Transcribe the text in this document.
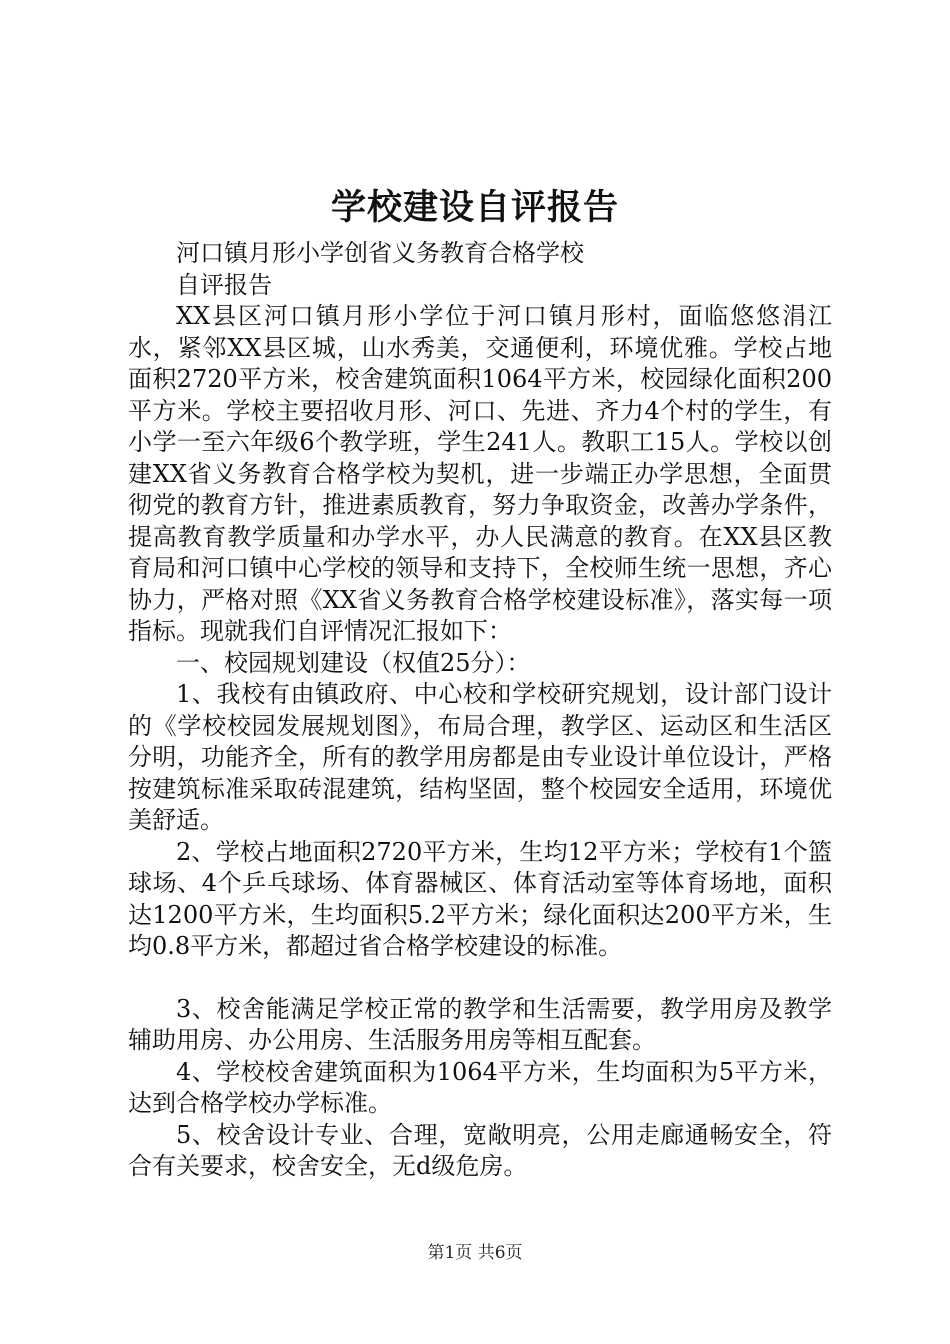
学校建设自评报告

河口镇月形小学创省义务教育合格学校

自评报告

XX县区河口镇月形小学位于河口镇月形村，面临悠悠涓江水，紧邻XX县区城，山水秀美，交通便利，环境优雅。学校占地面积2720平方米，校舍建筑面积1064平方米，校园绿化面积200平方米。学校主要招收月形、河口、先进、齐力4个村的学生，有小学一至六年级6个教学班，学生241人。教职工15人。学校以创建XX省义务教育合格学校为契机，进一步端正办学思想，全面贯彻党的教育方针，推进素质教育，努力争取资金，改善办学条件，提高教育教学质量和办学水平，办人民满意的教育。在XX县区教育局和河口镇中心学校的领导和支持下，全校师生统一思想，齐心协力，严格对照《XX省义务教育合格学校建设标准》，落实每一项指标。现就我们自评情况汇报如下：

一、校园规划建设（权值25分）：

1、我校有由镇政府、中心校和学校研究规划，设计部门设计的《学校校园发展规划图》，布局合理，教学区、运动区和生活区分明，功能齐全，所有的教学用房都是由专业设计单位设计，严格按建筑标准采取砖混建筑，结构坚固，整个校园安全适用，环境优美舒适。

2、学校占地面积2720平方米，生均12平方米；学校有1个篮球场、4个乒乓球场、体育器械区、体育活动室等体育场地，面积达1200平方米，生均面积5.2平方米；绿化面积达200平方米，生均0.8平方米，都超过省合格学校建设的标准。

3、校舍能满足学校正常的教学和生活需要，教学用房及教学辅助用房、办公用房、生活服务用房等相互配套。

4、学校校舍建筑面积为1064平方米，生均面积为5平方米，达到合格学校办学标准。

5、校舍设计专业、合理，宽敞明亮，公用走廊通畅安全，符合有关要求，校舍安全，无d级危房。

第1页 共6页
